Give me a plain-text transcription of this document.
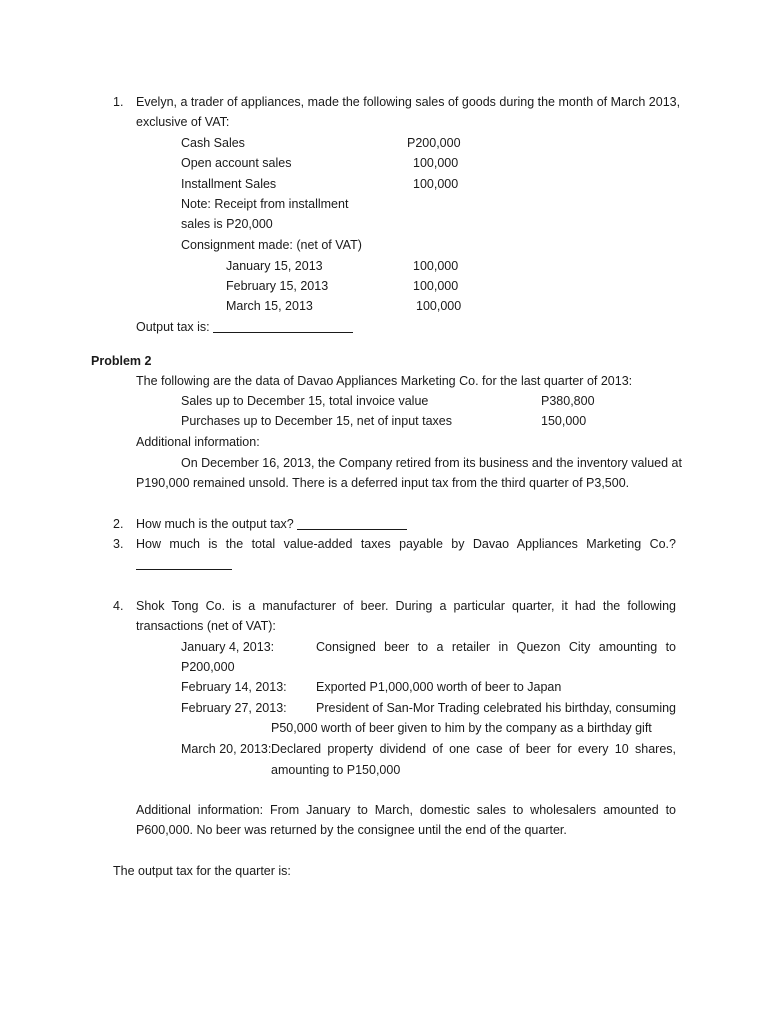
1. Evelyn, a trader of appliances, made the following sales of goods during the month of March 2013,
exclusive of VAT:
Cash Sales	P200,000
Open account sales	100,000
Installment Sales	100,000
Note: Receipt from installment
sales is P20,000
Consignment made: (net of VAT)
January 15, 2013	100,000
February 15, 2013	100,000
March 15, 2013	100,000
Output tax is:
Problem 2
The following are the data of Davao Appliances Marketing Co. for the last quarter of 2013:
Sales up to December 15, total invoice value	P380,800
Purchases up to December 15, net of input taxes	150,000
Additional information:
On December 16, 2013, the Company retired from its business and the inventory valued at
P190,000 remained unsold. There is a deferred input tax from the third quarter of P3,500.
2. How much is the output tax?
3. How much is the total value-added taxes payable by Davao Appliances Marketing Co.?
4. Shok Tong Co. is a manufacturer of beer. During a particular quarter, it had the following
transactions (net of VAT):
January 4, 2013:	Consigned beer to a retailer in Quezon City amounting to
P200,000
February 14, 2013: Exported P1,000,000 worth of beer to Japan
February 27, 2013: President of San-Mor Trading celebrated his birthday, consuming
P50,000 worth of beer given to him by the company as a birthday gift
March 20, 2013: Declared property dividend of one case of beer for every 10 shares,
amounting to P150,000
Additional information: From January to March, domestic sales to wholesalers amounted to
P600,000. No beer was returned by the consignee until the end of the quarter.
The output tax for the quarter is:
